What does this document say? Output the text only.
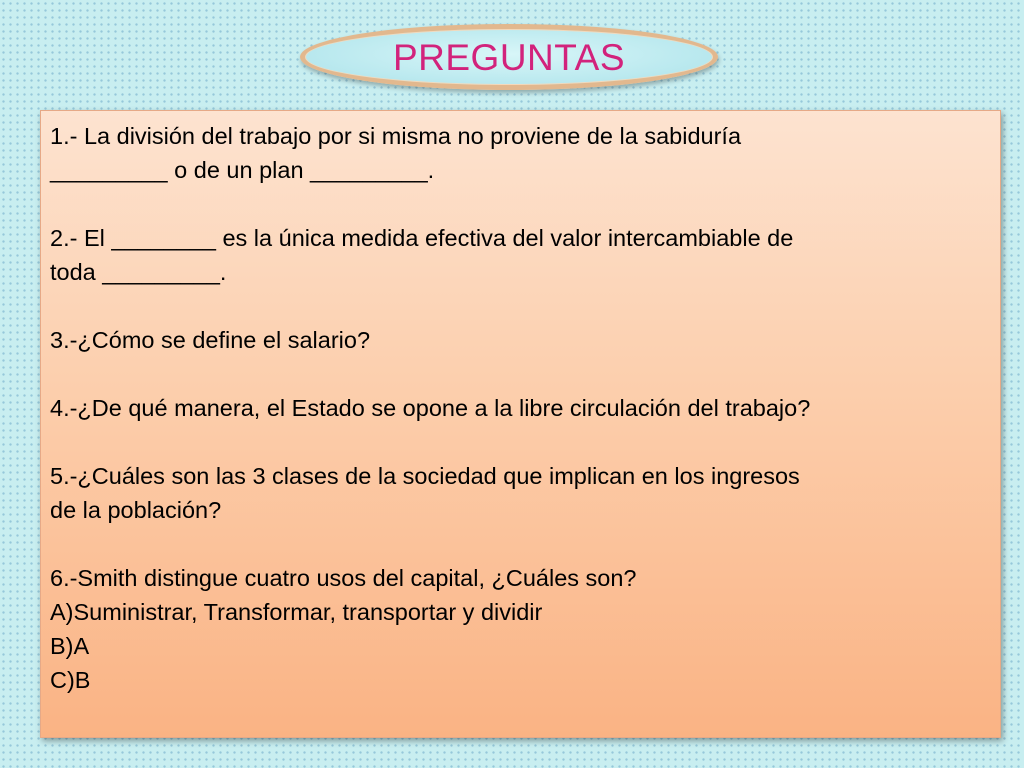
PREGUNTAS
1.- La división del trabajo por si misma no proviene de la sabiduría
_________ o de un plan _________.
2.- El ________ es la única medida efectiva del valor intercambiable de
toda _________.
3.-¿Cómo se define el salario?
4.-¿De qué manera, el Estado se opone a la libre circulación del trabajo?
5.-¿Cuáles son las 3 clases de la sociedad que implican en los ingresos
de la población?
6.-Smith distingue cuatro usos del capital, ¿Cuáles son?
A)Suministrar, Transformar, transportar y dividir
B)A
C)B
